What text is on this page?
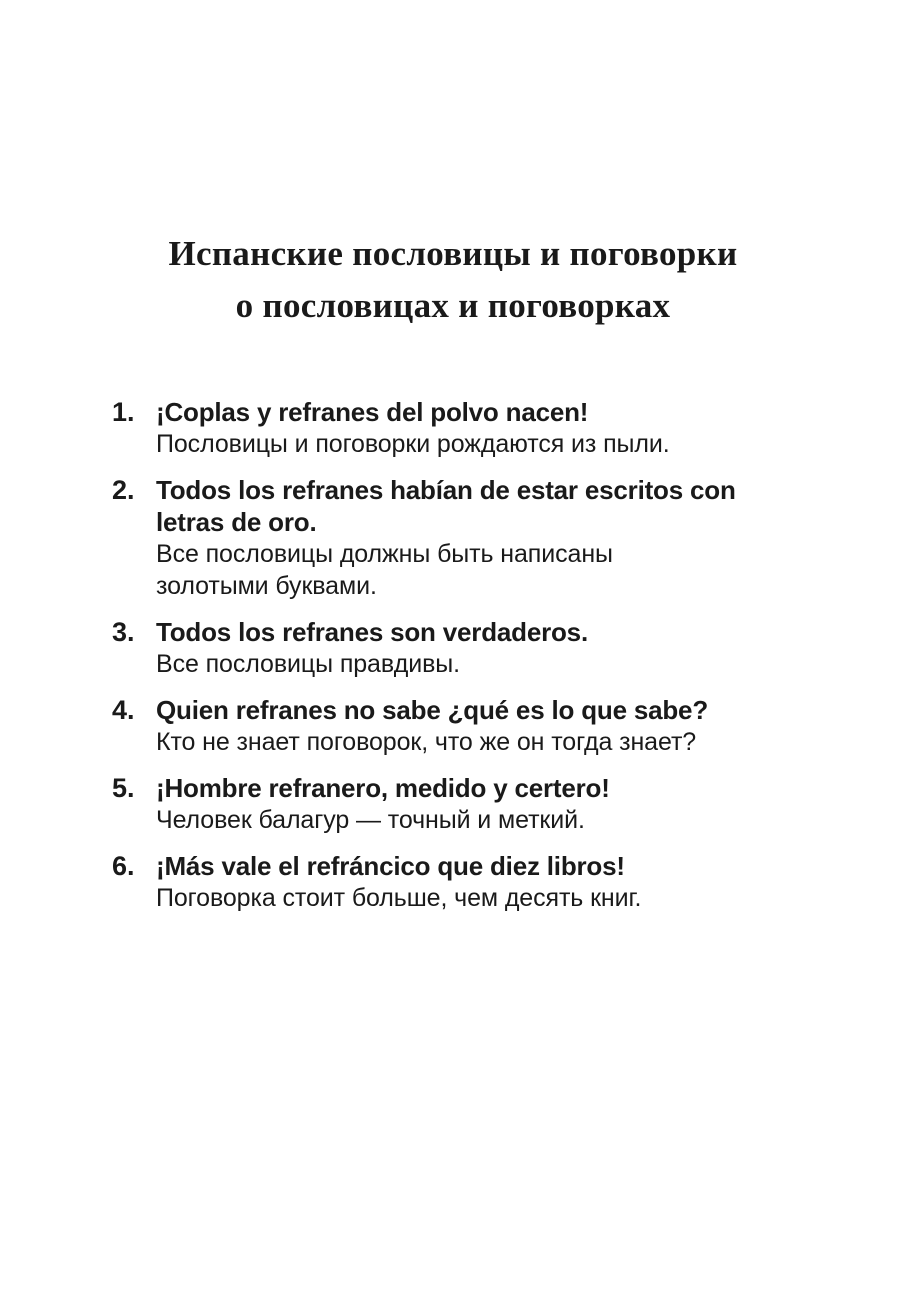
Испанские пословицы и поговорки
о пословицах и поговорках
1. ¡Coplas y refranes del polvo nacen!
Пословицы и поговорки рождаются из пыли.
2. Todos los refranes habían de estar escritos con
letras de oro.
Все пословицы должны быть написаны
золотыми буквами.
3. Todos los refranes son verdaderos.
Все пословицы правдивы.
4. Quien refranes no sabe ¿qué es lo que sabe?
Кто не знает поговорок, что же он тогда знает?
5. ¡Hombre refranero, medido y certero!
Человек балагур — точный и меткий.
6. ¡Más vale el refráncico que diez libros!
Поговорка стоит больше, чем десять книг.
